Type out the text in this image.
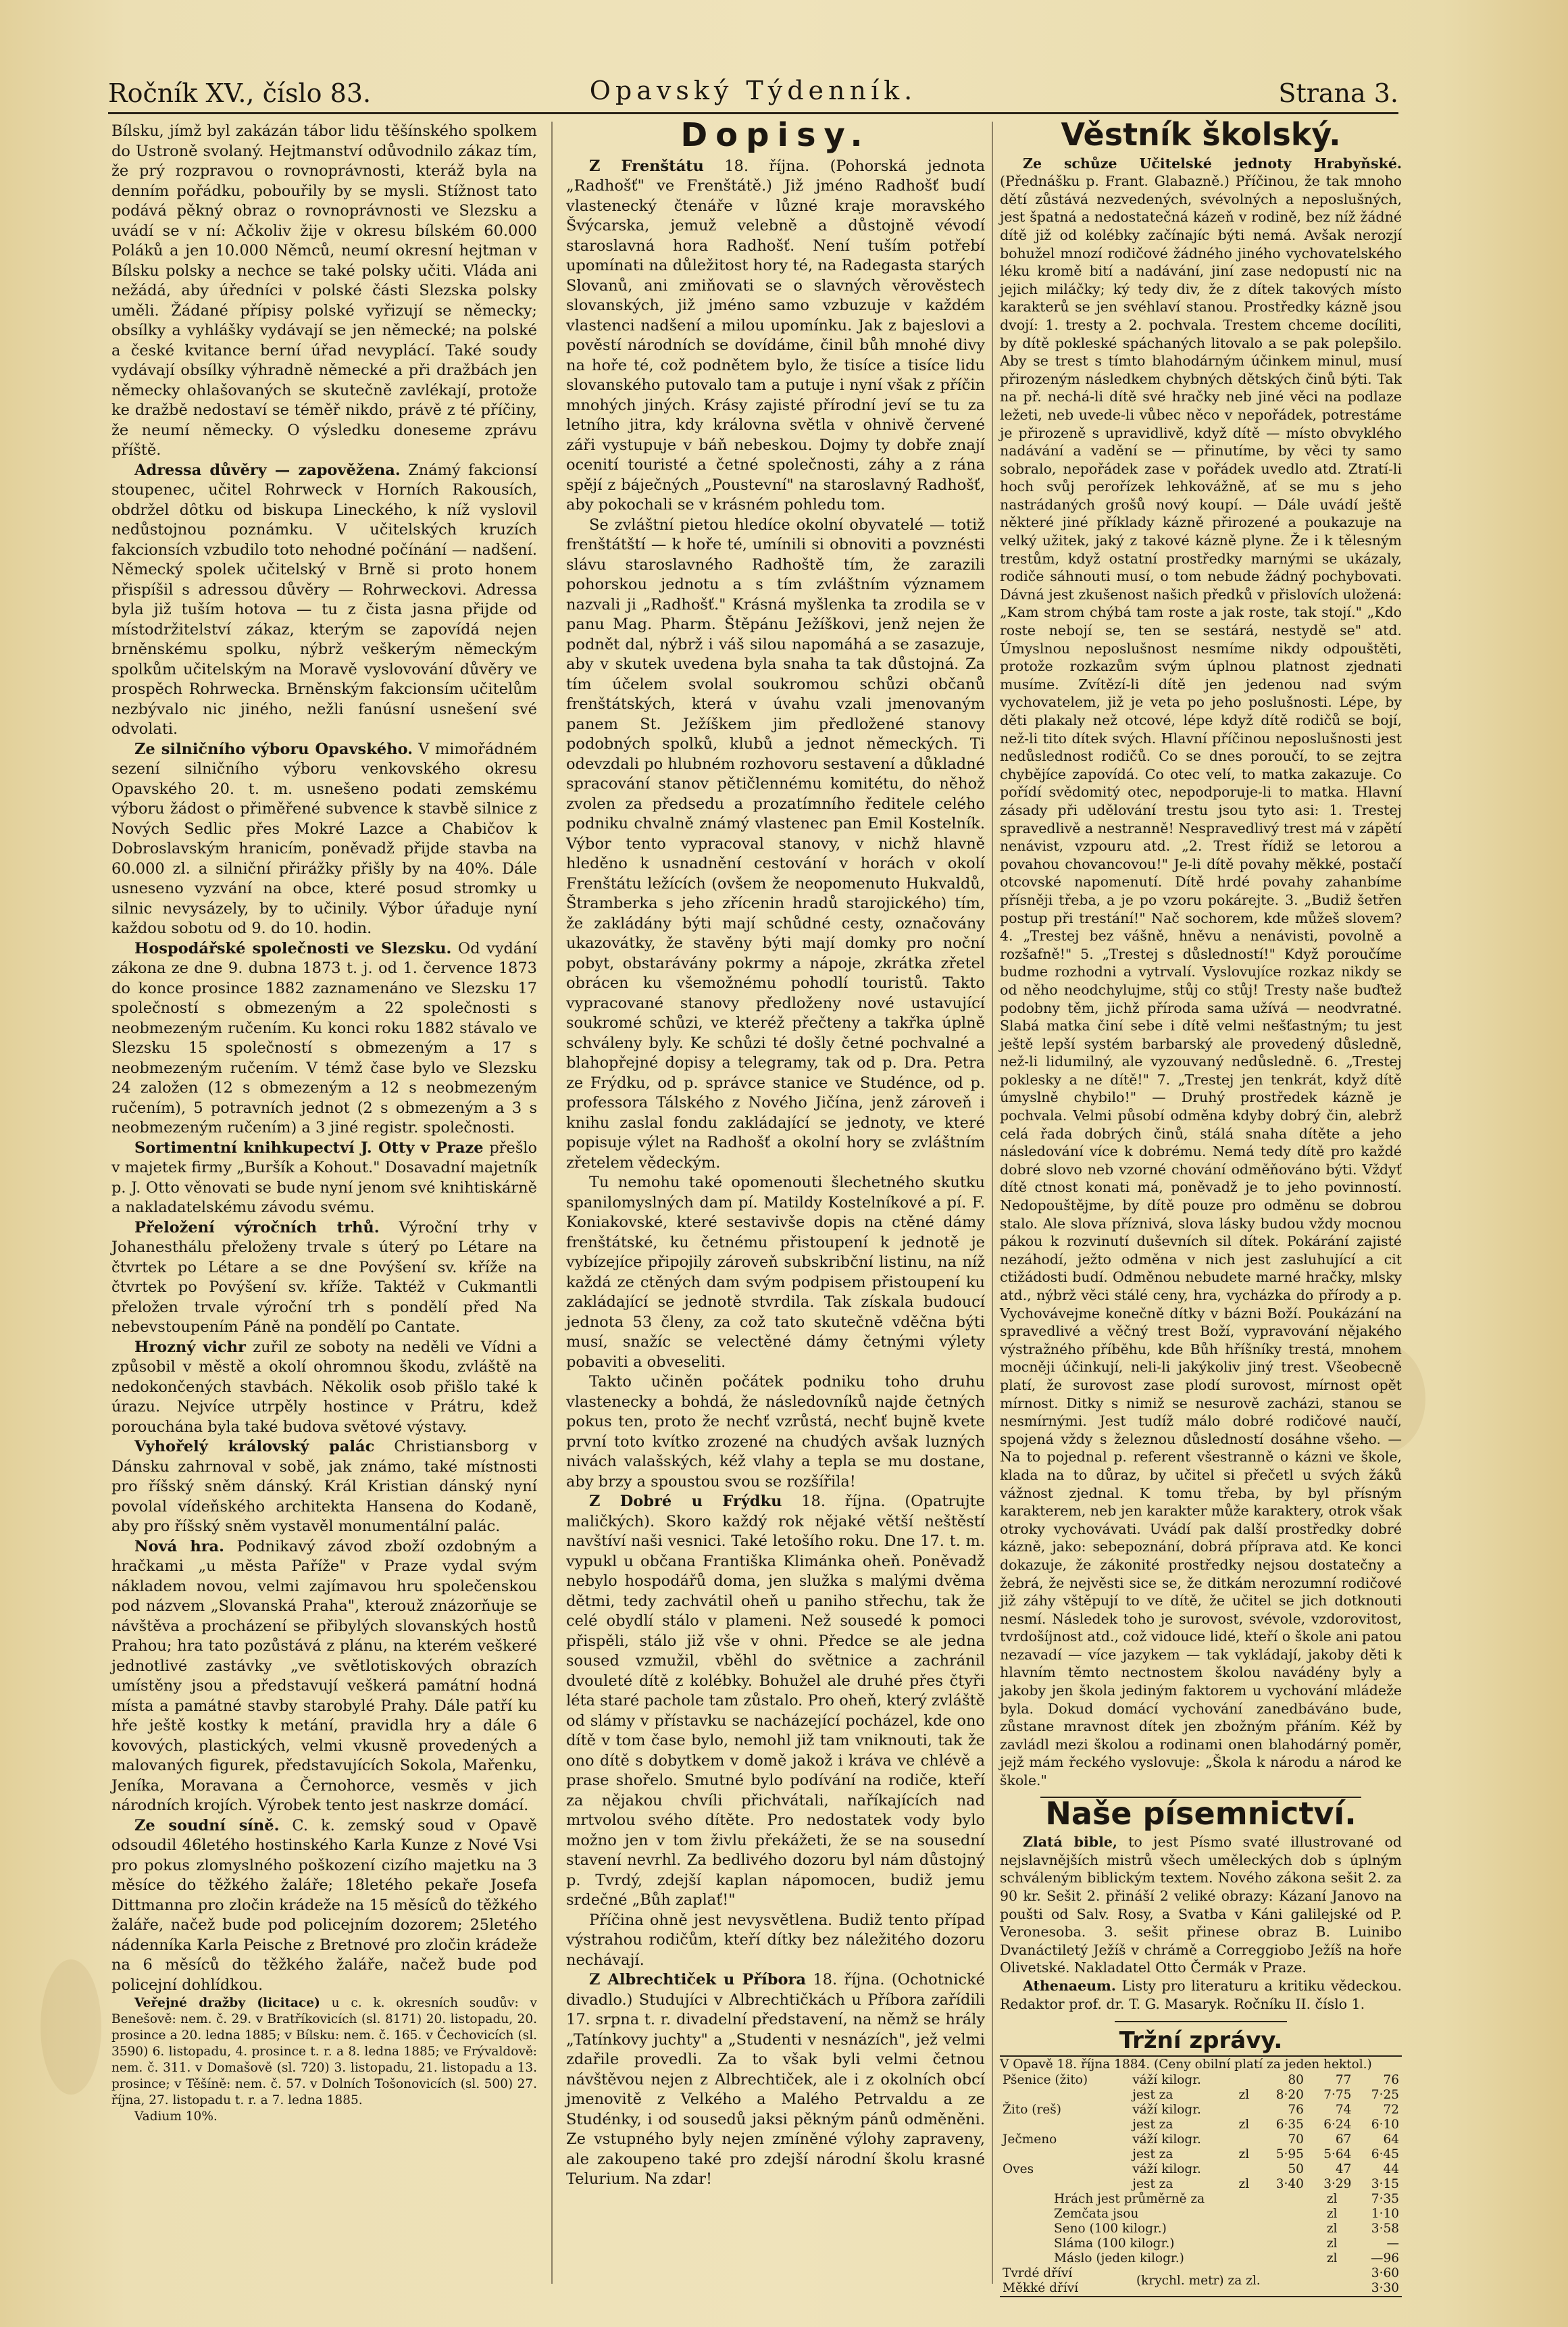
Ročník XV., číslo 83.	Opavský Týdenník.	Strana 3.

Bílsku, jímž byl zakázán tábor lidu těšínského spolkem do Ustroně svolaný. Hejtmanství odůvodnilo zákaz tím, že prý rozpravou o rovnoprávnosti, kteráž byla na denním pořádku, pobouřily by se mysli. Stížnost tato podává pěkný obraz o rovnoprávnosti ve Slezsku a uvádí se v ní: Ačkoliv žije v okresu bílském 60.000 Poláků a jen 10.000 Němců, neumí okresní hejtman v Bílsku polsky a nechce se také polsky učiti. Vláda ani nežádá, aby úředníci v polské části Slezska polsky uměli. Žádané přípisy polské vyřizují se německy; obsílky a vyhlášky vydávají se jen německé; na polské a české kvitance berní úřad nevyplácí. Také soudy vydávají obsílky výhradně německé a při dražbách jen německy ohlašovaných se skutečně zavlékají, protože ke dražbě nedostaví se téměř nikdo, právě z té příčiny, že neumí německy. O výsledku doneseme zprávu příště.

Adressa důvěry — zapověžena. Známý fakcionsí stoupenec, učitel Rohrweck v Horních Rakousích, obdržel dôtku od biskupa Lineckého, k níž vyslovil nedůstojnou poznámku. V učitelských kruzích fakcionsích vzbudilo toto nehodné počínání — nadšení. Německý spolek učitelský v Brně si proto honem přispíšil s adressou důvěry — Rohrweckovi. Adressa byla již tuším hotova — tu z čista jasna přijde od místodržitelství zákaz, kterým se zapovídá nejen brněnskému spolku, nýbrž veškerým německým spolkům učitelským na Moravě vyslovování důvěry ve prospěch Rohrwecka. Brněnským fakcionsím učitelům nezbývalo nic jiného, nežli fanúsní usnešení své odvolati.

Ze silničního výboru Opavského. V mimořádném sezení silničního výboru venkovského okresu Opavského 20. t. m. usnešeno podati zemskému výboru žádost o přiměřené subvence k stavbě silnice z Nových Sedlic přes Mokré Lazce a Chabičov k Dobroslavským hranicím, poněvadž přijde stavba na 60.000 zl. a silniční přirážky přišly by na 40%. Dále usneseno vyzvání na obce, které posud stromky u silnic nevysázely, by to učinily. Výbor úřaduje nyní každou sobotu od 9. do 10. hodin.

Hospodářské společnosti ve Slezsku. Od vydání zákona ze dne 9. dubna 1873 t. j. od 1. července 1873 do konce prosince 1882 zaznamenáno ve Slezsku 17 společností s obmezeným a 22 společnosti s neobmezeným ručením. Ku konci roku 1882 stávalo ve Slezsku 15 společností s obmezeným a 17 s neobmezeným ručením. V témž čase bylo ve Slezsku 24 založen (12 s obmezeným a 12 s neobmezeným ručením), 5 potravních jednot (2 s obmezeným a 3 s neobmezeným ručením) a 3 jiné registr. společnosti.

Sortimentní knihkupectví J. Otty v Praze přešlo v majetek firmy „Buršík a Kohout." Dosavadní majetník p. J. Otto věnovati se bude nyní jenom své knihtiskárně a nakladatelskému závodu svému.

Přeložení výročních trhů. Výroční trhy v Johanesthálu přeloženy trvale s úterý po Létare na čtvrtek po Létare a se dne Povýšení sv. kříže na čtvrtek po Povýšení sv. kříže. Taktéž v Cukmantli přeložen trvale výroční trh s pondělí před Na nebevstoupením Páně na pondělí po Cantate.

Hrozný vichr zuřil ze soboty na neděli ve Vídni a způsobil v městě a okolí ohromnou škodu, zvláště na nedokončených stavbách. Několik osob přišlo také k úrazu. Nejvíce utrpěly hostince v Prátru, kdež porouchána byla také budova světové výstavy.

Vyhořelý královský palác Christiansborg v Dánsku zahrnoval v sobě, jak známo, také místnosti pro říšský sněm dánský. Král Kristian dánský nyní povolal vídeňského architekta Hansena do Kodaně, aby pro říšský sněm vystavěl monumentální palác.

Nová hra. Podnikavý závod zboží ozdobným a hračkami „u města Paříže" v Praze vydal svým nákladem novou, velmi zajímavou hru společenskou pod názvem „Slovanská Praha", kterouž znázorňuje se návštěva a procházení se přibylých slovanských hostů Prahou; hra tato pozůstává z plánu, na kterém veškeré jednotlivé zastávky „ve světlotiskových obrazích umístěny jsou a představují veškerá památní hodná místa a památné stavby starobylé Prahy. Dále patří ku hře ještě kostky k metání, pravidla hry a dále 6 kovových, plastických, velmi vkusně provedených a malovaných figurek, představujících Sokola, Mařenku, Jeníka, Moravana a Černohorce, vesměs v jich národních krojích. Výrobek tento jest naskrze domácí.

Ze soudní síně. C. k. zemský soud v Opavě odsoudil 46letého hostinského Karla Kunze z Nové Vsi pro pokus zlomyslného poškození cizího majetku na 3 měsíce do těžkého žaláře; 18letého pekaře Josefa Dittmanna pro zločin krádeže na 15 měsíců do těžkého žaláře, načež bude pod policejním dozorem; 25letého nádenníka Karla Peische z Bretnové pro zločin krádeže na 6 měsíců do těžkého žaláře, načež bude pod policejní dohlídkou.

Veřejné dražby (licitace) u c. k. okresních soudův: v Benešově: nem. č. 29. v Bratříkovicích (sl. 8171) 20. listopadu, 20. prosince a 20. ledna 1885; v Bílsku: nem. č. 165. v Čechovicích (sl. 3590) 6. listopadu, 4. prosince t. r. a 8. ledna 1885; ve Frývaldově: nem. č. 311. v Domašově (sl. 720) 3. listopadu, 21. listopadu a 13. prosince; v Těšíně: nem. č. 57. v Dolních Tošonovicích (sl. 500) 27. října, 27. listopadu t. r. a 7. ledna 1885.

Vadium 10%.

Dopisy.

Z Frenštátu 18. října. (Pohorská jednota „Radhošť" ve Frenštátě.) Již jméno Radhošť budí vlastenecký čtenáře v lůzné kraje moravského Švýcarska, jemuž velebně a důstojně vévodí staroslavná hora Radhošť. Není tuším potřebí upomínati na důležitost hory té, na Radegasta starých Slovanů, ani zmiňovati se o slavných věrověstech slovanských, již jméno samo vzbuzuje v každém vlastenci nadšení a milou upomínku. Jak z bajeslovi a pověstí národních se dovídáme, činil bůh mnohé divy na hoře té, což podnětem bylo, že tisíce a tisíce lidu slovanského putovalo tam a putuje i nyní však z příčin mnohých jiných. Krásy zajisté přírodní jeví se tu za letního jitra, kdy královna světla v ohnivě červené záři vystupuje v báň nebeskou. Dojmy ty dobře znají ocenití touristé a četné společnosti, záhy a z rána spějí z báječných „Poustevní" na staroslavný Radhošť, aby pokochali se v krásném pohledu tom.

Se zvláštní pietou hledíce okolní obyvatelé — totiž frenštátští — k hoře té, umínili si obnoviti a povznésti slávu staroslavného Radhoště tím, že zarazili pohorskou jednotu a s tím zvláštním významem nazvali ji „Radhošť." Krásná myšlenka ta zrodila se v panu Mag. Pharm. Štěpánu Ježíškovi, jenž nejen že podnět dal, nýbrž i váš silou napomáhá a se zasazuje, aby v skutek uvedena byla snaha ta tak důstojná. Za tím účelem svolal soukromou schůzi občanů frenštátských, která v úvahu vzali jmenovaným panem St. Ježíškem jim předložené stanovy podobných spolků, klubů a jednot německých. Ti odevzdali po hlubném rozhovoru sestavení a důkladné spracování stanov pětičlennému komitétu, do něhož zvolen za předsedu a prozatímního ředitele celého podniku chvalně známý vlastenec pan Emil Kostelník. Výbor tento vypracoval stanovy, v nichž hlavně hleděno k usnadnění cestování v horách v okolí Frenštátu ležících (ovšem že neopomenuto Hukvaldů, Štramberka s jeho zřícenin hradů starojického) tím, že zakládány býti mají schůdné cesty, označovány ukazovátky, že stavěny býti mají domky pro noční pobyt, obstarávány pokrmy a nápoje, zkrátka zřetel obrácen ku všemožnému pohodlí touristů. Takto vypracované stanovy předloženy nové ustavující soukromé schůzi, ve kteréž přečteny a takřka úplně schváleny byly. Ke schůzi té došly četné pochvalné a blahopřejné dopisy a telegramy, tak od p. Dra. Petra ze Frýdku, od p. správce stanice ve Studénce, od p. professora Tálského z Nového Jičína, jenž zároveň i knihu zaslal fondu zakládající se jednoty, ve které popisuje výlet na Radhošť a okolní hory se zvláštním zřetelem vědeckým.

Tu nemohu také opomenouti šlechetného skutku spanilomyslných dam pí. Matildy Kostelníkové a pí. F. Koniakovské, které sestavivše dopis na ctěné dámy frenštátské, ku četnému přistoupení k jednotě je vybízejíce připojily zároveň subskribční listinu, na níž každá ze ctěných dam svým podpisem přistoupení ku zakládající se jednotě stvrdila. Tak získala budoucí jednota 53 členy, za což tato skutečně vděčna býti musí, snažíc se velectěné dámy četnými výlety pobaviti a obveseliti.

Takto učiněn počátek podniku toho druhu vlastenecky a bohdá, že následovníků najde četných pokus ten, proto že nechť vzrůstá, nechť bujně kvete první toto kvítko zrozené na chudých avšak luzných nivách valašských, kéž vlahy a tepla se mu dostane, aby brzy a spoustou svou se rozšířila!

Z Dobré u Frýdku 18. října. (Opatrujte maličkých). Skoro každý rok nějaké větší neštěstí navštíví naši vesnici. Také letošího roku. Dne 17. t. m. vypukl u občana Františka Klimánka oheň. Poněvadž nebylo hospodářů doma, jen služka s malými dvěma dětmi, tedy zachvátil oheň u paniho střechu, tak že celé obydlí stálo v plameni. Než sousedé k pomoci přispěli, stálo již vše v ohni. Předce se ale jedna soused vzmužil, vběhl do světnice a zachránil dvouleté dítě z kolébky. Bohužel ale druhé přes čtyři léta staré pachole tam zůstalo. Pro oheň, který zvláště od slámy v přístavku se nacházející pocházel, kde ono dítě v tom čase bylo, nemohl již tam vniknouti, tak že ono dítě s dobytkem v domě jakož i kráva ve chlévě a prase shořelo. Smutné bylo podívání na rodiče, kteří za nějakou chvíli přichvátali, naříkajících nad mrtvolou svého dítěte. Pro nedostatek vody bylo možno jen v tom živlu překážeti, že se na sousední stavení nevrhl. Za bedlivého dozoru byl nám důstojný p. Tvrdý, zdejší kaplan nápomocen, budiž jemu srdečné „Bůh zaplať!"

Příčina ohně jest nevysvětlena. Budiž tento případ výstrahou rodičům, kteří dítky bez náležitého dozoru nechávají.

Z Albrechtiček u Příbora 18. října. (Ochotnické divadlo.) Studujíci v Albrechtičkách u Příbora zařídili 17. srpna t. r. divadelní představení, na němž se hrály „Tatínkovy juchty" a „Studenti v nesnázích", jež velmi zdařile provedli. Za to však byli velmi četnou návštěvou nejen z Albrechtiček, ale i z okolních obcí jmenovitě z Velkého a Malého Petrvaldu a ze Studénky, i od sousedů jaksi pěkným pánů odměněni. Ze vstupného byly nejen zmíněné výlohy zapraveny, ale zakoupeno také pro zdejší národní školu krasné Telurium. Na zdar!

Věstník školský.

Ze schůze Učitelské jednoty Hrabyňské. (Přednášku p. Frant. Glabazně.) Příčinou, že tak mnoho dětí zůstává nezvedených, svévolných a neposlušných, jest špatná a nedostatečná kázeň v rodině, bez níž žádné dítě již od kolébky začínajíc býti nemá. Avšak nerozjí bohužel mnozí rodičové žádného jiného vychovatelského léku kromě bití a nadávání, jiní zase nedopustí nic na jejich miláčky; ký tedy div, že z dítek takových místo karakterů se jen svéhlaví stanou. Prostředky kázně jsou dvojí: 1. tresty a 2. pochvala. Trestem chceme docíliti, by dítě pokleské spáchaných litovalo a se pak polepšilo. Aby se trest s tímto blahodárným účinkem minul, musí přirozeným následkem chybných dětských činů býti. Tak na př. nechá-li dítě své hračky neb jiné věci na podlaze ležeti, neb uvede-li vůbec něco v nepořádek, potrestáme je přirozeně s upravidlivě, když dítě — místo obvyklého nadávání a vadění se — přinutíme, by věci ty samo sobralo, nepořádek zase v pořádek uvedlo atd. Ztratí-li hoch svůj perořízek lehkovážně, ať se mu s jeho nastrádaných grošů nový koupí. — Dále uvádí ještě některé jiné příklady kázně přirozené a poukazuje na velký užitek, jaký z takové kázně plyne. Že i k tělesným trestům, když ostatní prostředky marnými se ukázaly, rodiče sáhnouti musí, o tom nebude žádný pochybovati. Dávná jest zkušenost našich předků v přislovích uložená: „Kam strom chýbá tam roste a jak roste, tak stojí." „Kdo roste nebojí se, ten se sestárá, nestydě se" atd. Úmyslnou neposlušnost nesmíme nikdy odpouštěti, protože rozkazům svým úplnou platnost zjednati musíme. Zvítězí-li dítě jen jedenou nad svým vychovatelem, již je veta po jeho poslušnosti. Lépe, by děti plakaly než otcové, lépe když dítě rodičů se bojí, než-li tito dítek svých. Hlavní příčinou neposlušnosti jest nedůslednost rodičů. Co se dnes poroučí, to se zejtra chybějíce zapovídá. Co otec velí, to matka zakazuje. Co pořídí svědomitý otec, nepodporuje-li to matka. Hlavní zásady při udělování trestu jsou tyto asi: 1. Trestej spravedlivě a nestranně! Nespravedlivý trest má v zápětí nenávist, vzpouru atd. „2. Trest řídiž se letorou a povahou chovancovou!" Je-li dítě povahy měkké, postačí otcovské napomenutí. Dítě hrdé povahy zahanbíme přísněji třeba, a je po vzoru pokárejte. 3. „Budiž šetřen postup při trestání!" Nač sochorem, kde můžeš slovem? 4. „Trestej bez vášně, hněvu a nenávisti, povolně a rozšafně!" 5. „Trestej s důsledností!" Když poroučíme budme rozhodni a vytrvalí. Vyslovujíce rozkaz nikdy se od něho neodchylujme, stůj co stůj! Tresty naše buďtež podobny těm, jichž příroda sama užívá — neodvratné. Slabá matka činí sebe i dítě velmi nešťastným; tu jest ještě lepší systém barbarský ale provedený důsledně, než-li lidumilný, ale vyzouvaný nedůsledně. 6. „Trestej poklesky a ne dítě!" 7. „Trestej jen tenkrát, když dítě úmyslně chybilo!" — Druhý prostředek kázně je pochvala. Velmi působí odměna kdyby dobrý čin, alebrž celá řada dobrých činů, stálá snaha dítěte a jeho následování více k dobrému. Nemá tedy dítě pro každé dobré slovo neb vzorné chování odměňováno býti. Vždyť dítě ctnost konati má, poněvadž je to jeho povinností. Nedopouštějme, by dítě pouze pro odměnu se dobrou stalo. Ale slova příznivá, slova lásky budou vždy mocnou pákou k rozvinutí duševních sil dítek. Pokárání zajisté nezáhodí, ježto odměna v nich jest zasluhující a cit ctižádosti budí. Odměnou nebudete marné hračky, mlsky atd., nýbrž věci stálé ceny, hra, vycházka do přírody a p. Vychovávejme konečně dítky v bázni Boží. Poukázání na spravedlivé a věčný trest Boží, vypravování nějakého výstražného příběhu, kde Bůh hříšníky trestá, mnohem mocněji účinkují, neli-li jakýkoliv jiný trest. Všeobecně platí, že surovost zase plodí surovost, mírnost opět mírnost. Ditky s nimiž se nesurově zacházi, stanou se nesmírnými. Jest tudíž málo dobré rodičové naučí, spojená vždy s železnou důsledností dosáhne všeho. — Na to pojednal p. referent všestranně o kázni ve škole, klada na to důraz, by učitel si přečetl u svých žáků vážnost zjednal. K tomu třeba, by byl přísným karakterem, neb jen karakter může karaktery, otrok však otroky vychovávati. Uvádí pak další prostředky dobré kázně, jako: sebepoznání, dobrá příprava atd. Ke konci dokazuje, že zákonité prostředky nejsou dostatečny a žebrá, že nejvěsti sice se, že ditkám nerozumní rodičové již záhy vštěpují to ve dítě, že učitel se jich dotknouti nesmí. Následek toho je surovost, svévole, vzdorovitost, tvrdošíjnost atd., což vidouce lidé, kteří o škole ani patou nezavadí — více jazykem — tak vykládají, jakoby děti k hlavním těmto nectnostem školou navádény byly a jakoby jen škola jediným faktorem u vychování mládeže byla. Dokud domácí vychování zanedbáváno bude, zůstane mravnost dítek jen zbožným přáním. Kéž by zavládl mezi školou a rodinami onen blahodárný poměr, jejž mám řeckého vyslovuje: „Škola k národu a národ ke škole."

Naše písemnictví.

Zlatá bible, to jest Písmo svaté illustrované od nejslavnějších mistrů všech uměleckých dob s úplným schváleným biblickým textem. Nového zákona sešit 2. za 90 kr. Sešit 2. přináší 2 veliké obrazy: Kázaní Janovo na poušti od Salv. Rosy, a Svatba v Káni galilejské od P. Veronesoba. 3. sešit přinese obraz B. Luinibo Dvanáctiletý Ježíš v chrámě a Correggiobo Ježíš na hoře Olivetské. Nakladatel Otto Čermák v Praze.

Athenaeum. Listy pro literaturu a kritiku vědeckou. Redaktor prof. dr. T. G. Masaryk. Ročníku II. číslo 1.

Tržní zprávy.
V Opavě 18. října 1884. (Ceny obilní platí za jeden hektol.)
Pšenice (žito)	váží kilogr.		80	77	76
	jest za	zl	8·20	7·75	7·25
Žito (reš)	váží kilogr.		76	74	72
	jest za	zl	6·35	6·24	6·10
Ječmeno	váží kilogr.		70	67	64
	jest za	zl	5·95	5·64	6·45
Oves	váží kilogr.		50	47	44
	jest za	zl	3·40	3·29	3·15
Hrách jest průměrně za	zl	7·35
Zemčata jsou	zl	1·10
Seno (100 kilogr.)	zl	3·58
Sláma (100 kilogr.)	zl	—
Máslo (jeden kilogr.)	zl	—96
Tvrdé dříví	(krychl. metr) za zl.	3·60
Měkké dříví		3·30
